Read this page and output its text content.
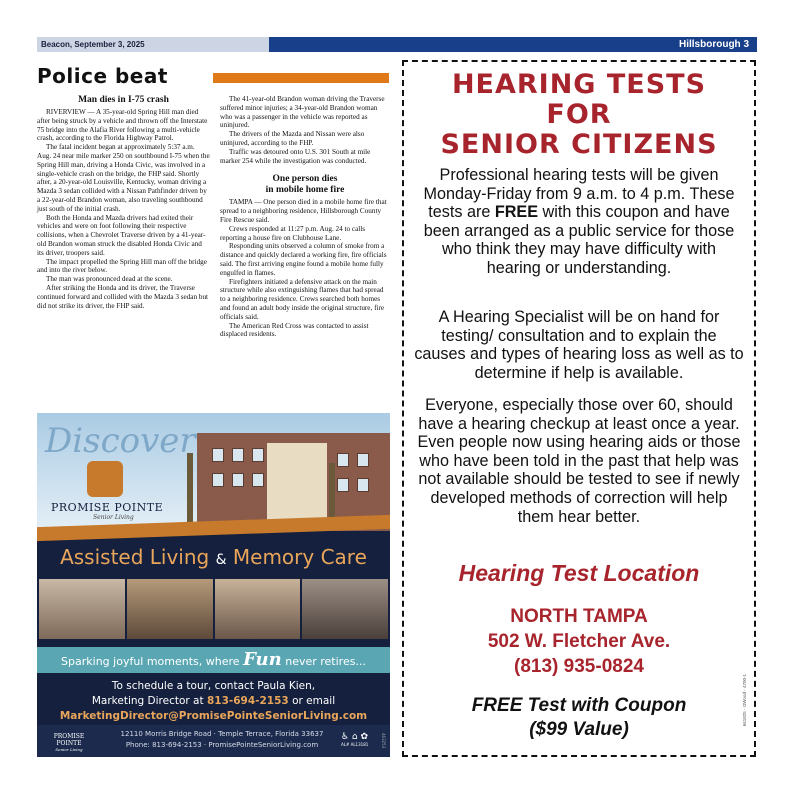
Beacon, September 3, 2025	Hillsborough 3
Police beat

Man dies in I-75 crash

RIVERVIEW — A 35-year-old Spring Hill man died after being struck by a vehicle and thrown off the Interstate 75 bridge into the Alafia River following a multi-vehicle crash, according to the Florida Highway Patrol.

The fatal incident began at approximately 5:37 a.m. Aug. 24 near mile marker 250 on southbound I-75 when the Spring Hill man, driving a Honda Civic, was involved in a single-vehicle crash on the bridge, the FHP said. Shortly after, a 20-year-old Louisville, Kentucky, woman driving a Mazda 3 sedan collided with a Nissan Pathfinder driven by a 22-year-old Brandon woman, also traveling southbound just south of the initial crash.

Both the Honda and Mazda drivers had exited their vehicles and were on foot following their respective collisions, when a Chevrolet Traverse driven by a 41-year-old Brandon woman struck the disabled Honda Civic and its driver, troopers said.

The impact propelled the Spring Hill man off the bridge and into the river below.

The man was pronounced dead at the scene.

After striking the Honda and its driver, the Traverse continued forward and collided with the Mazda 3 sedan but did not strike its driver, the FHP said.

The 41-year-old Brandon woman driving the Traverse suffered minor injuries; a 34-year-old Brandon woman who was a passenger in the vehicle was reported as uninjured.

The drivers of the Mazda and Nissan were also uninjured, according to the FHP.

Traffic was detoured onto U.S. 301 South at mile marker 254 while the investigation was conducted.

One person dies
in mobile home fire

TAMPA — One person died in a mobile home fire that spread to a neighboring residence, Hillsborough County Fire Rescue said.

Crews responded at 11:27 p.m. Aug. 24 to calls reporting a house fire on Clubhouse Lane.

Responding units observed a column of smoke from a distance and quickly declared a working fire, fire officials said. The first arriving engine found a mobile home fully engulfed in flames.

Firefighters initiated a defensive attack on the main structure while also extinguishing flames that had spread to a neighboring residence. Crews searched both homes and found an adult body inside the original structure, fire officials said.

The American Red Cross was contacted to assist displaced residents.

Discover
PROMISE POINTE
Senior Living
Assisted Living & Memory Care
Sparking joyful moments, where Fun never retires...
To schedule a tour, contact Paula Kien,
Marketing Director at 813-694-2153 or email
MarketingDirector@PromisePointeSeniorLiving.com
PROMISE POINTE
Senior Living
12110 Morris Bridge Road · Temple Terrace, Florida 33637
Phone: 813-694-2153 · PromisePointeSeniorLiving.com
♿ ⌂ ✿
AL# AL13181	463253
HEARING TESTS
FOR
SENIOR CITIZENS
Professional hearing tests will be given Monday-Friday from 9 a.m. to 4 p.m. These tests are FREE with this coupon and have been arranged as a public service for those who think they may have difficulty with hearing or understanding.
A Hearing Specialist will be on hand for testing/ consultation and to explain the causes and types of hearing loss as well as to determine if help is available.
Everyone, especially those over 60, should have a hearing checkup at least once a year. Even people now using hearing aids or those who have been told in the past that help was not available should be tested to see if newly developed methods of correction will help them hear better.
Hearing Test Location
NORTH TAMPA
502 W. Fletcher Ave.
(813) 935-0824
FREE Test with Coupon
($99 Value)
661825 - OWood - 4700-1
